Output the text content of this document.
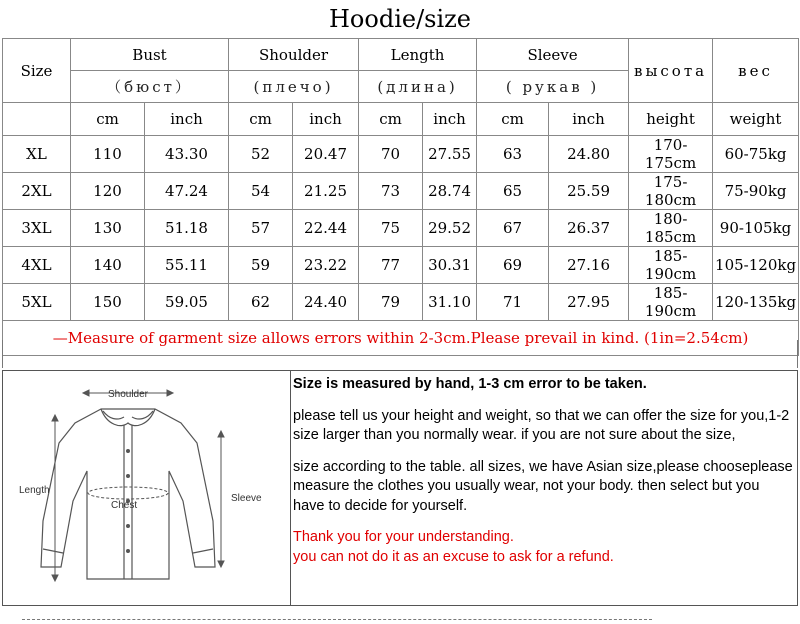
Hoodie/size
Size	Bust		Shoulder		Length		Sleeve		высота	вес
	（бюст）		(плечо)		(длина)		( рукав )			
	cm	inch	cm	inch	cm	inch	cm	inch	height	weight
XL	110	43.30	52	20.47	70	27.55	63	24.80	170-175cm	60-75kg
2XL	120	47.24	54	21.25	73	28.74	65	25.59	175-180cm	75-90kg
3XL	130	51.18	57	22.44	75	29.52	67	26.37	180-185cm	90-105kg
4XL	140	55.11	59	23.22	77	30.31	69	27.16	185-190cm	105-120kg
5XL	150	59.05	62	24.40	79	31.10	71	27.95	185-190cm	120-135kg
—Measure of garment size allows errors within 2-3cm.Please prevail in kind. (1in=2.54cm)										
Shoulder
Length
Chest
Sleeve

Size is measured by hand, 1-3 cm error to be taken.

please tell us your height and weight, so that we can offer the size for you,1-2 size larger than you normally wear. if you are not sure about the size,

size according to the table. all sizes, we have Asian size,please chooseplease measure the clothes you usually wear, not your body. then select but you have to decide for yourself.

Thank you for your understanding.

you can not do it as an excuse to ask for a refund.
